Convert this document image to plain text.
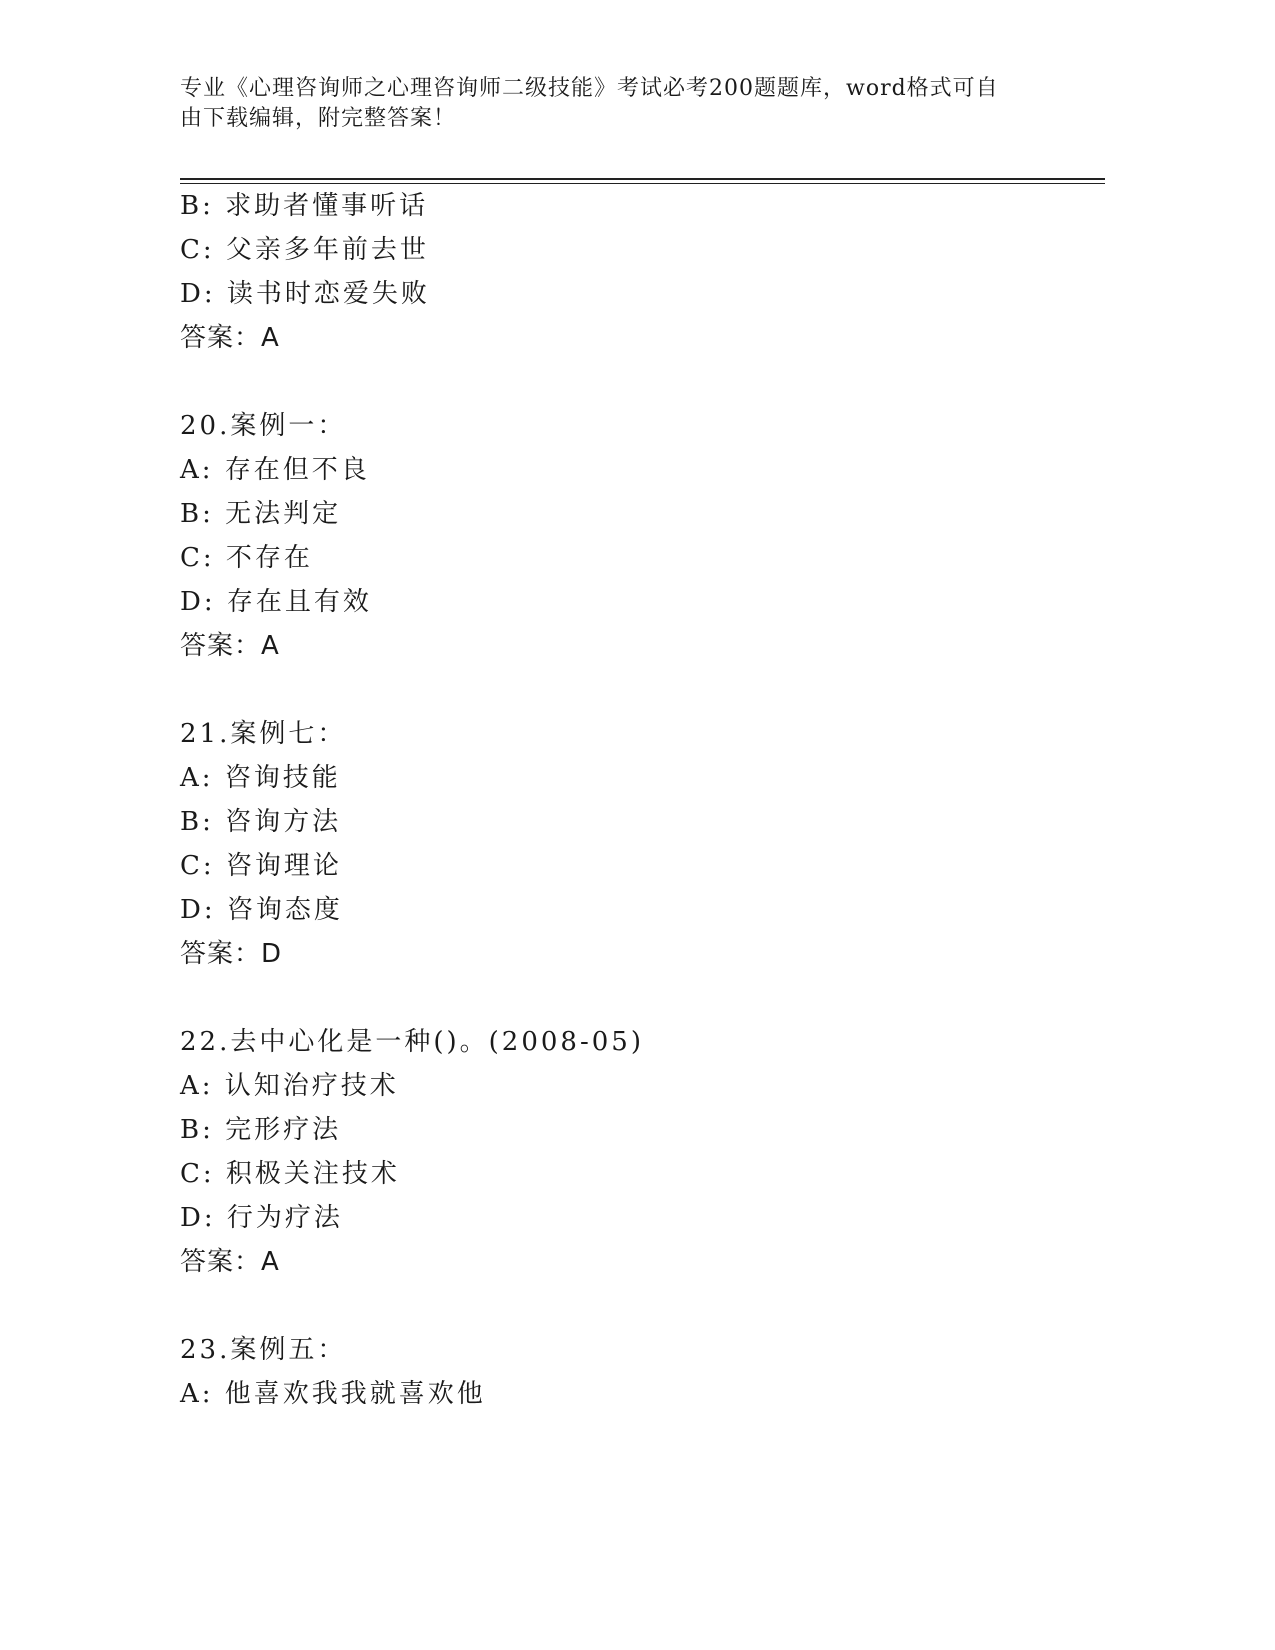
专业《心理咨询师之心理咨询师二级技能》考试必考200题题库，word格式可自
由下载编辑，附完整答案！
B: 求助者懂事听话
C: 父亲多年前去世
D: 读书时恋爱失败
答案：A
20.案例一：
A: 存在但不良
B: 无法判定
C: 不存在
D: 存在且有效
答案：A
21.案例七：
A: 咨询技能
B: 咨询方法
C: 咨询理论
D: 咨询态度
答案：D
22.去中心化是一种()。(2008-05)
A: 认知治疗技术
B: 完形疗法
C: 积极关注技术
D: 行为疗法
答案：A
23.案例五：
A: 他喜欢我我就喜欢他
